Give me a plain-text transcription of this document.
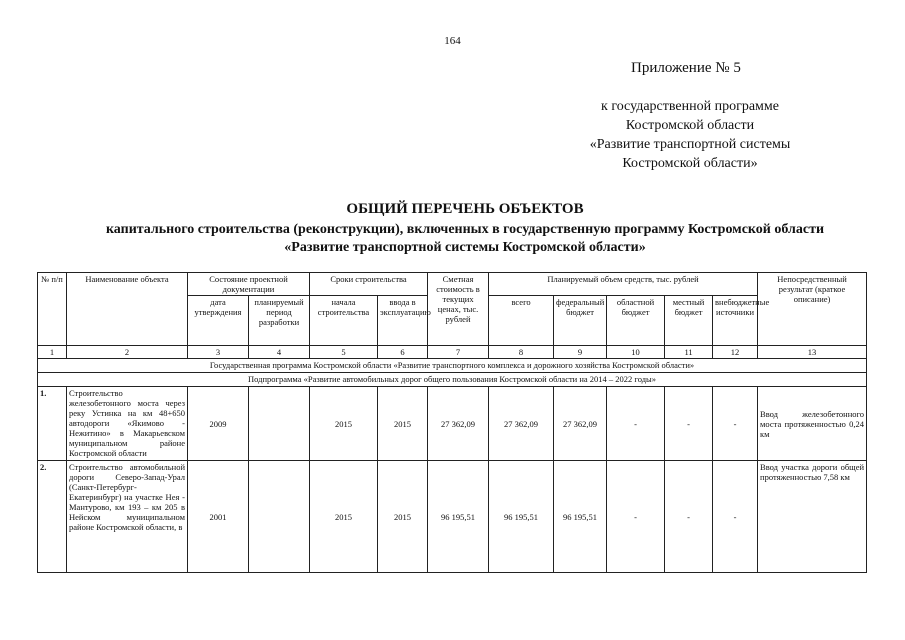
164
Приложение № 5
к государственной программе
Костромской области
«Развитие транспортной системы
Костромской области»
ОБЩИЙ ПЕРЕЧЕНЬ ОБЪЕКТОВ
капитального строительства (реконструкции), включенных в государственную программу Костромской области
«Развитие транспортной системы Костромской области»
№ п/п	Наименование объекта	Состояние проектной документации		Сроки строительства		Сметная стоимость в текущих ценах, тыс. рублей	Планируемый объем средств, тыс. рублей					Непосредственный результат (краткое описание)
		дата утверждения	планируемый период разработки	начала строительства	ввода в эксплуатацию		всего	федеральный бюджет	областной бюджет	местный бюджет	внебюджетные источники	
1	2	3	4	5	6	7	8	9	10	11	12	13
Государственная программа Костромской области «Развитие транспортного комплекса и дорожного хозяйства Костромской области»												
Подпрограмма «Развитие автомобильных дорог общего пользования Костромской области на 2014 – 2022 годы»												
1.	Строительство железобетонного моста через реку Устинка на км 48+650 автодороги «Якимово - Нежитино» в Макарьевском муниципальном районе Костромской области	2009		2015	2015	27 362,09	27 362,09	27 362,09	-	-	-	Ввод железобетонного моста протяженностью 0,24 км
2.	Строительство автомобильной дороги Северо-Запад-Урал (Санкт-Петербург-Екатеринбург) на участке Нея - Мантурово, км 193 – км 205 в Нейском муниципальном районе Костромской области, в	2001		2015	2015	96 195,51	96 195,51	96 195,51	-	-	-	Ввод участка дороги общей протяженностью 7,58 км
